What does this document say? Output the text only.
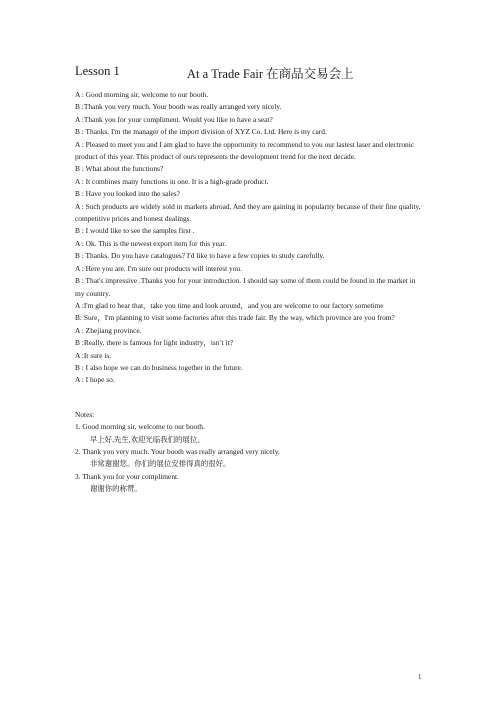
Lesson 1	At a Trade Fair 在商品交易会上

A : Good morning sir, welcome to our booth.

B :Thank you very much. Your booth was really arranged very nicely.

A :Thank you for your compliment. Would you like to have a seat?

B : Thanks. I'm the manager of the import division of XYZ Co. Ltd. Here is my card.

A : Pleased to meet you and I am glad to have the opportunity to recommend to you our lastest laser and electronic product of this year. This product of ours represents the development trend for the next decade.

B : What about the functions?

A : It combines many functions in one. It is a high-grade product.

B : Have you looked into the sales?

A : Such products are widely sold in markets abroad. And they are gaining in popularity because of their fine quality, competitive prices and honest dealings.

B : I would like to see the samples first .

A : Ok. This is the newest export item for this year.

B : Thanks. Do you have catalogues? I'd like to have a few copies to study carefully.

A : Here you are. I'm sure our products will interest you.

B : That's impressive .Thanks you for your introduction. I should say some of them could be found in the market in my country.

A :I'm glad to hear that，take you time and look around，and you are welcome to our factory sometime

B: Sure，I'm planning to visit some factories after this trade fair. By the way, which province are you from?

A : Zhejiang province.

B :Really, there is famous for light industry，isn’t it?

A :It sure is.

B : I also hope we can do business together in the future.

A : I hope so.

Notes:

1. Good morning sir, welcome to our booth.

早上好,先生,欢迎光临我们的展位。

2. Thank you very much. Your booth was really arranged very nicely.

非常谢谢您。你们的展位安排得真的很好。

3. Thank you for your compliment.

谢谢你的称赞。

1
